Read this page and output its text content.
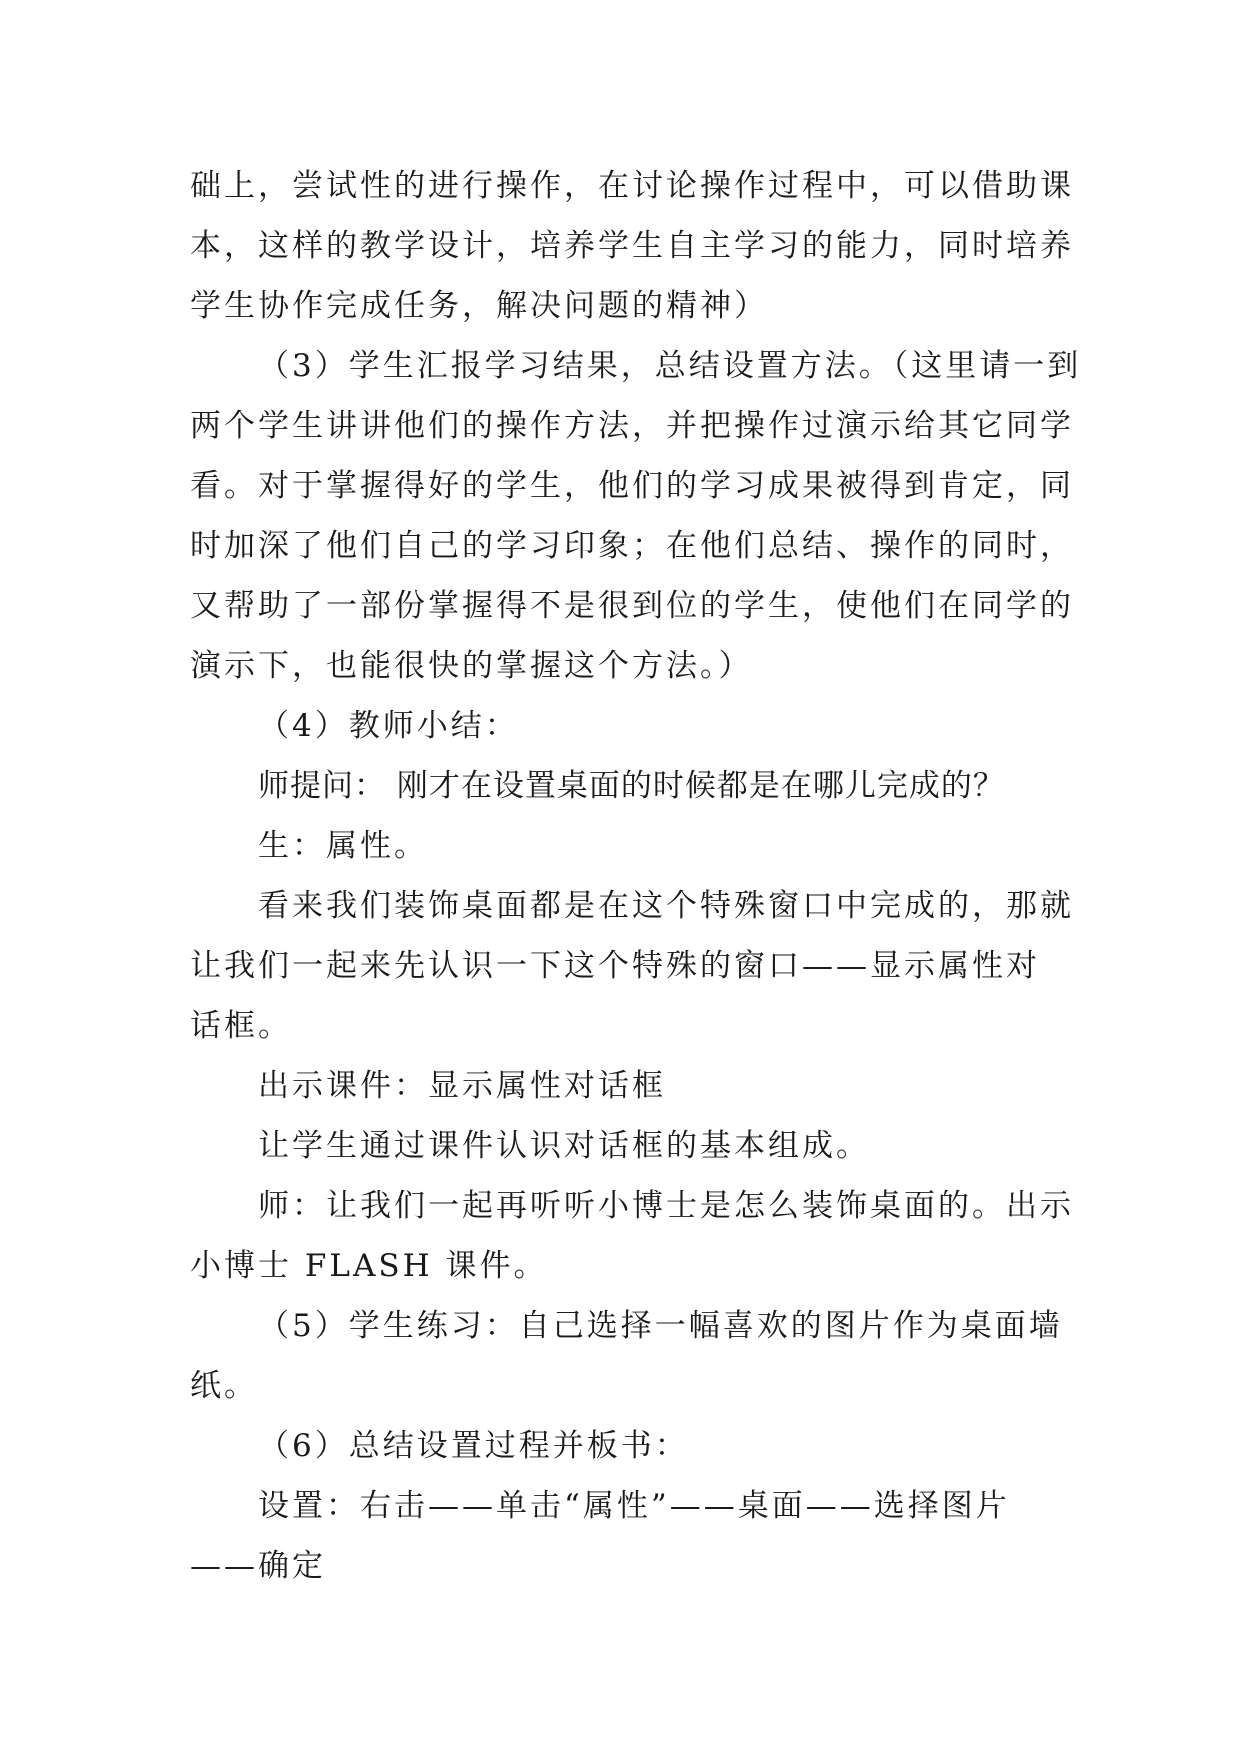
础上，尝试性的进行操作，在讨论操作过程中，可以借助课
本，这样的教学设计，培养学生自主学习的能力，同时培养
学生协作完成任务，解决问题的精神）
（3）学生汇报学习结果，总结设置方法。（这里请一到
两个学生讲讲他们的操作方法，并把操作过演示给其它同学
看。对于掌握得好的学生，他们的学习成果被得到肯定，同
时加深了他们自己的学习印象；在他们总结、操作的同时，
又帮助了一部份掌握得不是很到位的学生，使他们在同学的
演示下，也能很快的掌握这个方法。）
（4）教师小结：
师提问： 刚才在设置桌面的时候都是在哪儿完成的？
生：属性。
看来我们装饰桌面都是在这个特殊窗口中完成的，那就
让我们一起来先认识一下这个特殊的窗口——显示属性对
话框。
出示课件：显示属性对话框
让学生通过课件认识对话框的基本组成。
师：让我们一起再听听小博士是怎么装饰桌面的。出示
小博士 FLASH 课件。
（5）学生练习：自己选择一幅喜欢的图片作为桌面墙
纸。
（6）总结设置过程并板书：
设置：右击——单击“属性”——桌面——选择图片
——确定
